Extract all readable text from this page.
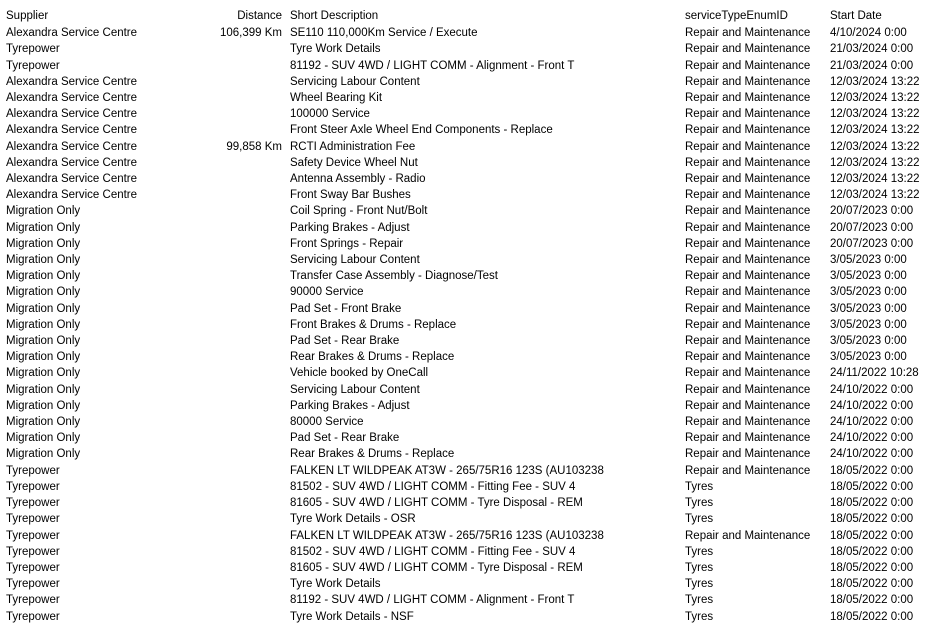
Supplier	Distance	Short Description	serviceTypeEnumID	Start Date
Alexandra Service Centre	106,399 Km	SE110 110,000Km Service / Execute	Repair and Maintenance	4/10/2024 0:00
Tyrepower		Tyre Work Details	Repair and Maintenance	21/03/2024 0:00
Tyrepower		81192 - SUV 4WD / LIGHT COMM - Alignment - Front T	Repair and Maintenance	21/03/2024 0:00
Alexandra Service Centre		Servicing Labour Content	Repair and Maintenance	12/03/2024 13:22
Alexandra Service Centre		Wheel Bearing Kit	Repair and Maintenance	12/03/2024 13:22
Alexandra Service Centre		100000 Service	Repair and Maintenance	12/03/2024 13:22
Alexandra Service Centre		Front Steer Axle Wheel End Components - Replace	Repair and Maintenance	12/03/2024 13:22
Alexandra Service Centre	99,858 Km	RCTI Administration Fee	Repair and Maintenance	12/03/2024 13:22
Alexandra Service Centre		Safety Device Wheel Nut	Repair and Maintenance	12/03/2024 13:22
Alexandra Service Centre		Antenna Assembly - Radio	Repair and Maintenance	12/03/2024 13:22
Alexandra Service Centre		Front Sway Bar Bushes	Repair and Maintenance	12/03/2024 13:22
Migration Only		Coil Spring - Front Nut/Bolt	Repair and Maintenance	20/07/2023 0:00
Migration Only		Parking Brakes - Adjust	Repair and Maintenance	20/07/2023 0:00
Migration Only		Front Springs - Repair	Repair and Maintenance	20/07/2023 0:00
Migration Only		Servicing Labour Content	Repair and Maintenance	3/05/2023 0:00
Migration Only		Transfer Case Assembly - Diagnose/Test	Repair and Maintenance	3/05/2023 0:00
Migration Only		90000 Service	Repair and Maintenance	3/05/2023 0:00
Migration Only		Pad Set - Front Brake	Repair and Maintenance	3/05/2023 0:00
Migration Only		Front Brakes & Drums - Replace	Repair and Maintenance	3/05/2023 0:00
Migration Only		Pad Set - Rear Brake	Repair and Maintenance	3/05/2023 0:00
Migration Only		Rear Brakes & Drums - Replace	Repair and Maintenance	3/05/2023 0:00
Migration Only		Vehicle booked by OneCall	Repair and Maintenance	24/11/2022 10:28
Migration Only		Servicing Labour Content	Repair and Maintenance	24/10/2022 0:00
Migration Only		Parking Brakes - Adjust	Repair and Maintenance	24/10/2022 0:00
Migration Only		80000 Service	Repair and Maintenance	24/10/2022 0:00
Migration Only		Pad Set - Rear Brake	Repair and Maintenance	24/10/2022 0:00
Migration Only		Rear Brakes & Drums - Replace	Repair and Maintenance	24/10/2022 0:00
Tyrepower		FALKEN LT WILDPEAK AT3W - 265/75R16 123S (AU103238	Repair and Maintenance	18/05/2022 0:00
Tyrepower		81502 - SUV 4WD / LIGHT COMM - Fitting Fee - SUV 4	Tyres	18/05/2022 0:00
Tyrepower		81605 - SUV 4WD / LIGHT COMM - Tyre Disposal - REM	Tyres	18/05/2022 0:00
Tyrepower		Tyre Work Details - OSR	Tyres	18/05/2022 0:00
Tyrepower		FALKEN LT WILDPEAK AT3W - 265/75R16 123S (AU103238	Repair and Maintenance	18/05/2022 0:00
Tyrepower		81502 - SUV 4WD / LIGHT COMM - Fitting Fee - SUV 4	Tyres	18/05/2022 0:00
Tyrepower		81605 - SUV 4WD / LIGHT COMM - Tyre Disposal - REM	Tyres	18/05/2022 0:00
Tyrepower		Tyre Work Details	Tyres	18/05/2022 0:00
Tyrepower		81192 - SUV 4WD / LIGHT COMM - Alignment - Front T	Tyres	18/05/2022 0:00
Tyrepower		Tyre Work Details - NSF	Tyres	18/05/2022 0:00
